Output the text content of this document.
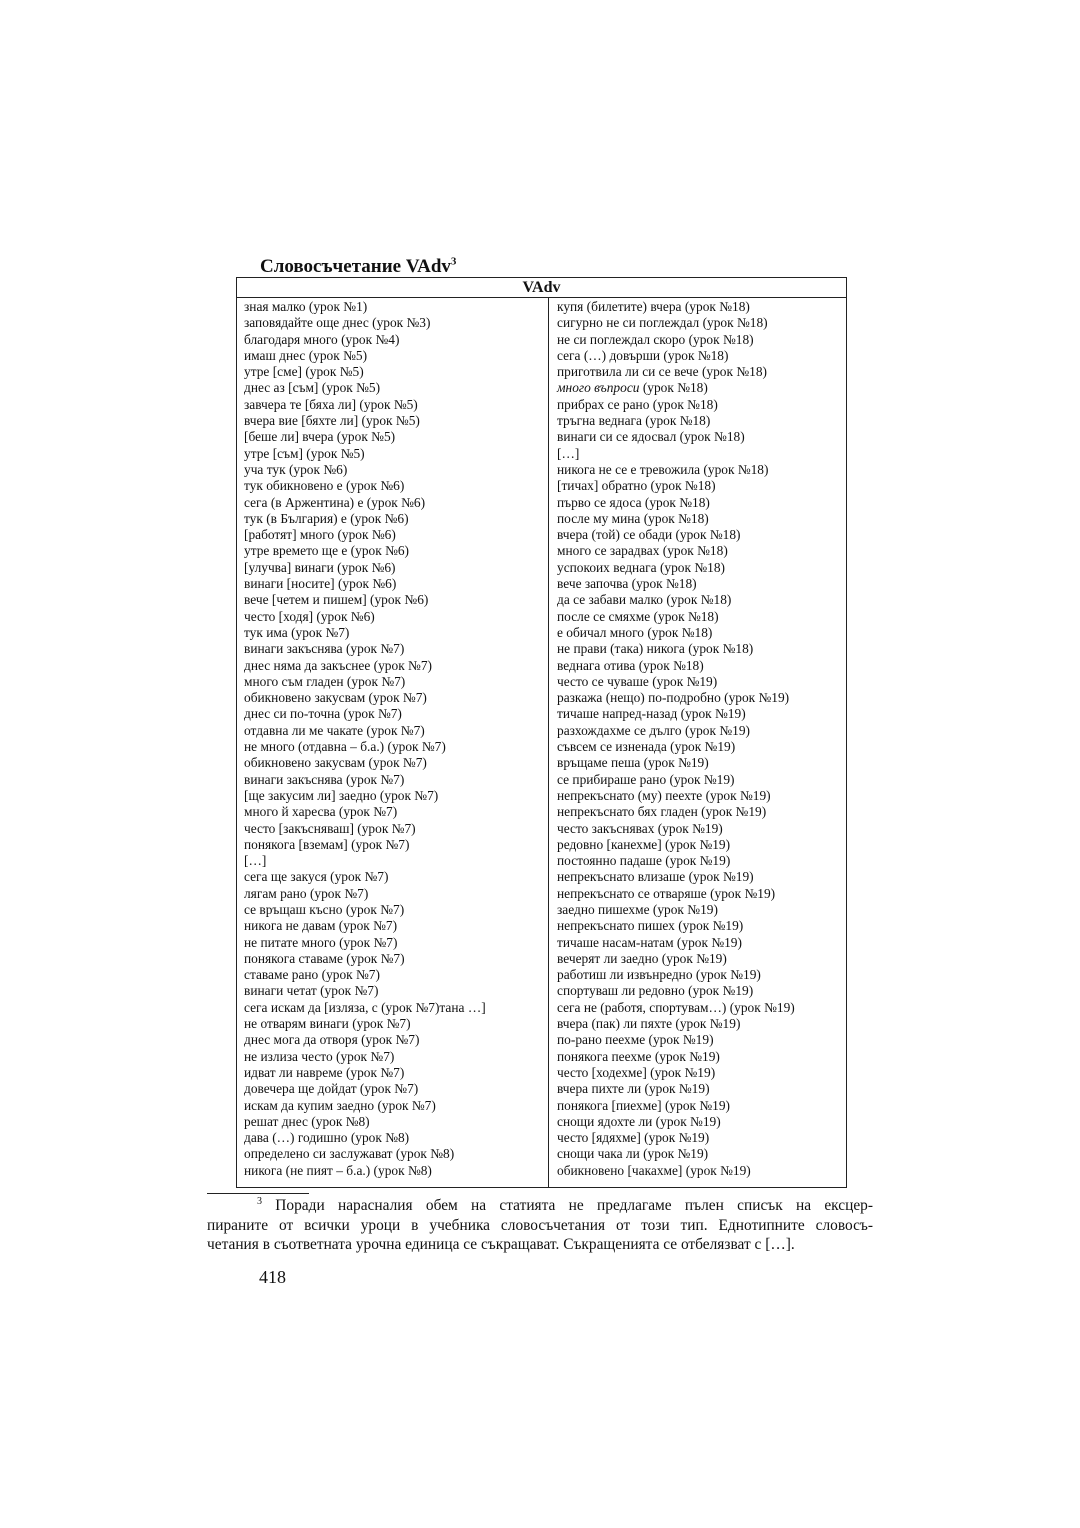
Словосъчетание VAdv$^3$
VAdv
зная малко (урок №1)
заповядайте още днес (урок №3)
благодаря много (урок №4)
имаш днес (урок №5)
утре [сме] (урок №5)
днес аз [съм] (урок №5)
завчера те [бяха ли] (урок №5)
вчера вие [бяхте ли] (урок №5)
[беше ли] вчера (урок №5)
утре [съм] (урок №5)
уча тук (урок №6)
тук обикновено е (урок №6)
сега (в Аржентина) е (урок №6)
тук (в България) е (урок №6)
[работят] много (урок №6)
утре времето ще е (урок №6)
[улучва] винаги (урок №6)
винаги [носите] (урок №6)
вече [четем и пишем] (урок №6)
често [ходя] (урок №6)
тук има (урок №7)
винаги закъснява (урок №7)
днес няма да закъснее (урок №7)
много съм гладен (урок №7)
обикновено закусвам (урок №7)
днес си по-точна (урок №7)
отдавна ли ме чакате (урок №7)
не много (отдавна – б.а.) (урок №7)
обикновено закусвам (урок №7)
винаги закъснява (урок №7)
[ще закусим ли] заедно (урок №7)
много й харесва (урок №7)
често [закъсняваш] (урок №7)
понякога [вземам] (урок №7)
[…]
сега ще закуся (урок №7)
лягам рано (урок №7)
се връщаш късно (урок №7)
никога не давам (урок №7)
не питате много (урок №7)
понякога ставаме (урок №7)
ставаме рано (урок №7)
винаги четат (урок №7)
сега искам да [изляза, с (урок №7)тана …]
не отварям винаги (урок №7)
днес мога да отворя (урок №7)
не излиза често (урок №7)
идват ли навреме (урок №7)
довечера ще дойдат (урок №7)
искам да купим заедно (урок №7)
решат днес (урок №8)
дава (…) годишно (урок №8)
определено си заслужават (урок №8)
никога (не пият – б.а.) (урок №8)
купя (билетите) вчера (урок №18)
сигурно не си поглеждал (урок №18)
не си поглеждал скоро (урок №18)
сега (…) довърши (урок №18)
приготвила ли си се вече (урок №18)
много въпроси (урок №18)
прибрах се рано (урок №18)
тръгна веднага (урок №18)
винаги си се ядосвал (урок №18)
[…]
никога не се е тревожила (урок №18)
[тичах] обратно (урок №18)
първо се ядоса (урок №18)
после му мина (урок №18)
вчера (той) се обади (урок №18)
много се зарадвах (урок №18)
успокоих веднага (урок №18)
вече започва (урок №18)
да се забави малко (урок №18)
после се смяхме (урок №18)
е обичал много (урок №18)
не прави (така) никога (урок №18)
веднага отива (урок №18)
често се чуваше (урок №19)
разкажа (нещо) по-подробно (урок №19)
тичаше напред-назад (урок №19)
разхождахме се дълго (урок №19)
съвсем се изненада (урок №19)
връщаме пеша (урок №19)
се прибираше рано (урок №19)
непрекъснато (му) пеехте (урок №19)
непрекъснато бях гладен (урок №19)
често закъснявах (урок №19)
редовно [канехме] (урок №19)
постоянно падаше (урок №19)
непрекъснато влизаше (урок №19)
непрекъснато се отваряше (урок №19)
заедно пишехме (урок №19)
непрекъснато пишех (урок №19)
тичаше насам-натам (урок №19)
вечерят ли заедно (урок №19)
работиш ли извънредно (урок №19)
спортуваш ли редовно (урок №19)
сега не (работя, спортувам…) (урок №19)
вчера (пак) ли пяхте (урок №19)
по-рано пеехме (урок №19)
понякога пеехме (урок №19)
често [ходехме] (урок №19)
вчера пихте ли (урок №19)
понякога [пиехме] (урок №19)
снощи ядохте ли (урок №19)
често [ядяхме] (урок №19)
снощи чака ли (урок №19)
обикновено [чакахме] (урок №19)
$^3$ Поради нарасналия обем на статията не предлагаме пълен списък на ексцер-
пираните от всички уроци в учебника словосъчетания от този тип. Еднотипните словосъ-
четания в съответната урочна единица се съкращават. Съкращенията се отбелязват с […].
418
